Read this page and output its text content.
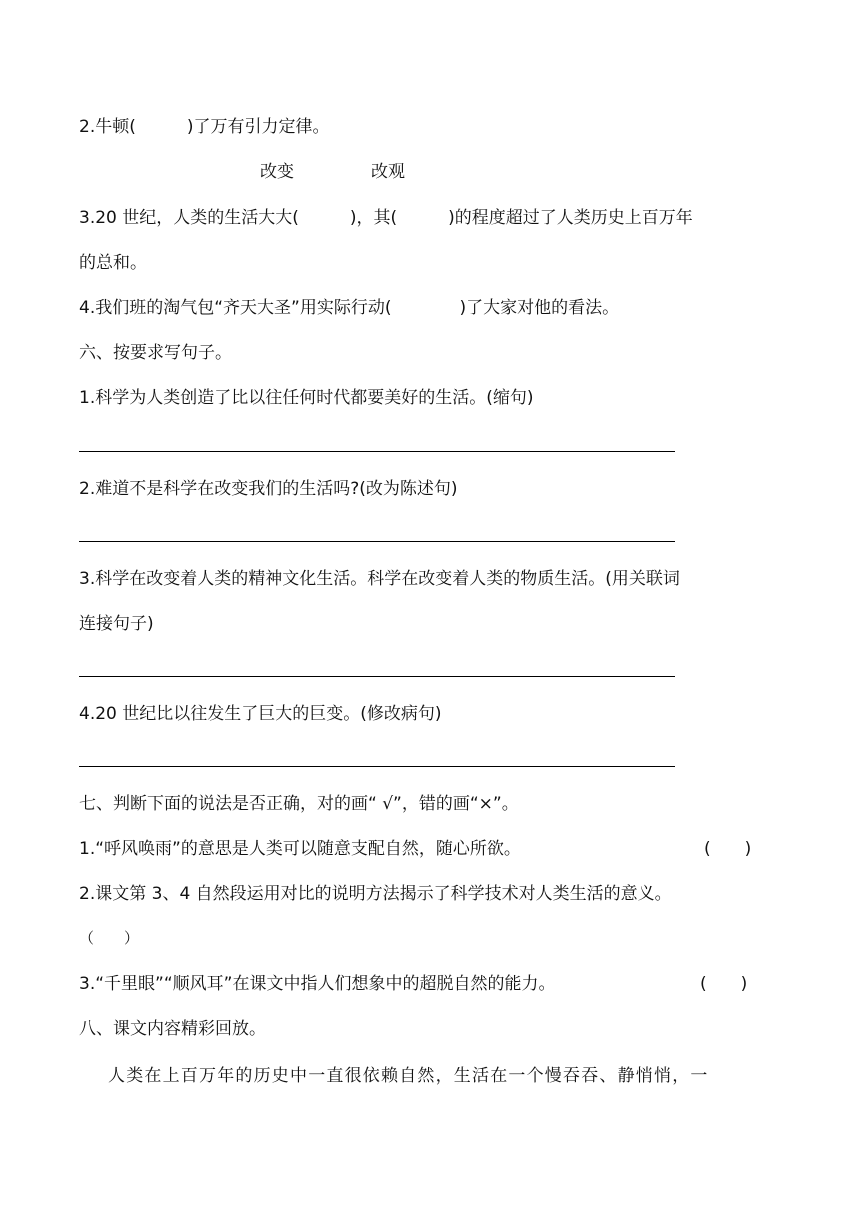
2.牛顿(　　　)了万有引力定律。
改变	改观
3.20 世纪，人类的生活大大(　　　)，其(　　　)的程度超过了人类历史上百万年
的总和。
4.我们班的淘气包“齐天大圣”用实际行动(　　　　)了大家对他的看法。
六、按要求写句子。
1.科学为人类创造了比以往任何时代都要美好的生活。(缩句)
2.难道不是科学在改变我们的生活吗?(改为陈述句)
3.科学在改变着人类的精神文化生活。科学在改变着人类的物质生活。(用关联词
连接句子)
4.20 世纪比以往发生了巨大的巨变。(修改病句)
七、判断下面的说法是否正确，对的画“ √”，错的画“×”。
1.“呼风唤雨”的意思是人类可以随意支配自然，随心所欲。	(　　)
2.课文第 3、4 自然段运用对比的说明方法揭示了科学技术对人类生活的意义。
（　　）
3.“千里眼”“顺风耳”在课文中指人们想象中的超脱自然的能力。	(　　)
八、课文内容精彩回放。
人类在上百万年的历史中一直很依赖自然，生活在一个慢吞吞、静悄悄，一
